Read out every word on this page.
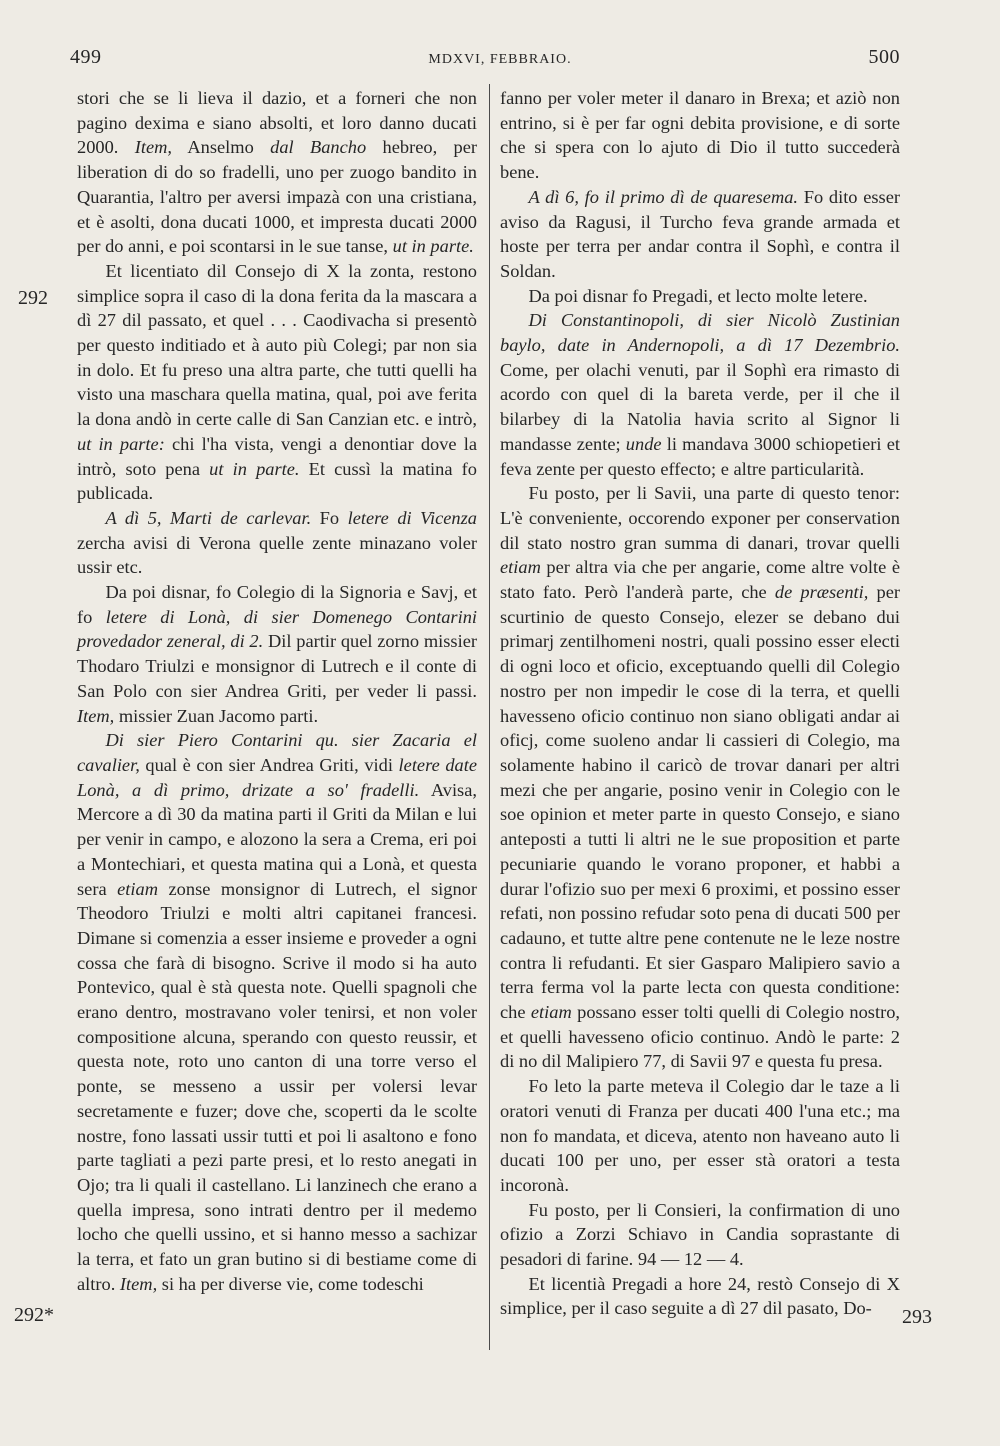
499	MDXVI, FEBBRAIO.	500
292
292*	293

stori che se li lieva il dazio, et a forneri che non pagino dexima e siano absolti, et loro danno ducati 2000. Item, Anselmo dal Bancho hebreo, per liberation di do so fradelli, uno per zuogo bandito in Quarantia, l'altro per aversi impazà con una cristiana, et è asolti, dona ducati 1000, et impresta ducati 2000 per do anni, e poi scontarsi in le sue tanse, ut in parte.

Et licentiato dil Consejo di X la zonta, restono simplice sopra il caso di la dona ferita da la mascara a dì 27 dil passato, et quel . . . Caodivacha si presentò per questo inditiado et à auto più Colegi; par non sia in dolo. Et fu preso una altra parte, che tutti quelli ha visto una maschara quella matina, qual, poi ave ferita la dona andò in certe calle di San Canzian etc. e intrò, ut in parte: chi l'ha vista, vengi a denontiar dove la intrò, soto pena ut in parte. Et cussì la matina fo publicada.

A dì 5, Marti de carlevar. Fo letere di Vicenza zercha avisi di Verona quelle zente minazano voler ussir etc.

Da poi disnar, fo Colegio di la Signoria e Savj, et fo letere di Lonà, di sier Domenego Contarini provedador zeneral, di 2. Dil partir quel zorno missier Thodaro Triulzi e monsignor di Lutrech e il conte di San Polo con sier Andrea Griti, per veder li passi. Item, missier Zuan Jacomo parti.

Di sier Piero Contarini qu. sier Zacaria el cavalier, qual è con sier Andrea Griti, vidi letere date Lonà, a dì primo, drizate a so' fradelli. Avisa, Mercore a dì 30 da matina parti il Griti da Milan e lui per venir in campo, e alozono la sera a Crema, eri poi a Montechiari, et questa matina qui a Lonà, et questa sera etiam zonse monsignor di Lutrech, el signor Theodoro Triulzi e molti altri capitanei francesi. Dimane si comenzia a esser insieme e proveder a ogni cossa che farà di bisogno. Scrive il modo si ha auto Pontevico, qual è stà questa note. Quelli spagnoli che erano dentro, mostravano voler tenirsi, et non voler compositione alcuna, sperando con questo reussir, et questa note, roto uno canton di una torre verso el ponte, se messeno a ussir per volersi levar secretamente e fuzer; dove che, scoperti da le scolte nostre, fono lassati ussir tutti et poi li asaltono e fono parte tagliati a pezi parte presi, et lo resto anegati in Ojo; tra li quali il castellano. Li lanzinech che erano a quella impresa, sono intrati dentro per il medemo locho che quelli ussino, et si hanno messo a sachizar la terra, et fato un gran butino si di bestiame come di altro. Item, si ha per diverse vie, come todeschi

fanno per voler meter il danaro in Brexa; et aziò non entrino, si è per far ogni debita provisione, e di sorte che si spera con lo ajuto di Dio il tutto succederà bene.

A dì 6, fo il primo dì de quaresema. Fo dito esser aviso da Ragusi, il Turcho feva grande armada et hoste per terra per andar contra il Sophì, e contra il Soldan.

Da poi disnar fo Pregadi, et lecto molte letere.

Di Constantinopoli, di sier Nicolò Zustinian baylo, date in Andernopoli, a dì 17 Dezembrio. Come, per olachi venuti, par il Sophì era rimasto di acordo con quel di la bareta verde, per il che il bilarbey di la Natolia havia scrito al Signor li mandasse zente; unde li mandava 3000 schiopetieri et feva zente per questo effecto; e altre particularità.

Fu posto, per li Savii, una parte di questo tenor: L'è conveniente, occorendo exponer per conservation dil stato nostro gran summa di danari, trovar quelli etiam per altra via che per angarie, come altre volte è stato fato. Però l'anderà parte, che de præsenti, per scurtinio de questo Consejo, elezer se debano dui primarj zentilhomeni nostri, quali possino esser electi di ogni loco et oficio, exceptuando quelli dil Colegio nostro per non impedir le cose di la terra, et quelli havesseno oficio continuo non siano obligati andar ai oficj, come suoleno andar li cassieri di Colegio, ma solamente habino il caricò de trovar danari per altri mezi che per angarie, posino venir in Colegio con le soe opinion et meter parte in questo Consejo, e siano anteposti a tutti li altri ne le sue proposition et parte pecuniarie quando le vorano proponer, et habbi a durar l'ofizio suo per mexi 6 proximi, et possino esser refati, non possino refudar soto pena di ducati 500 per cadauno, et tutte altre pene contenute ne le leze nostre contra li refudanti. Et sier Gasparo Malipiero savio a terra ferma vol la parte lecta con questa conditione: che etiam possano esser tolti quelli di Colegio nostro, et quelli havesseno oficio continuo. Andò le parte: 2 di no dil Malipiero 77, di Savii 97 e questa fu presa.

Fo leto la parte meteva il Colegio dar le taze a li oratori venuti di Franza per ducati 400 l'una etc.; ma non fo mandata, et diceva, atento non haveano auto li ducati 100 per uno, per esser stà oratori a testa incoronà.

Fu posto, per li Consieri, la confirmation di uno ofizio a Zorzi Schiavo in Candia soprastante di pesadori di farine. 94 — 12 — 4.

Et licentià Pregadi a hore 24, restò Consejo di X simplice, per il caso seguite a dì 27 dil pasato, Do-
